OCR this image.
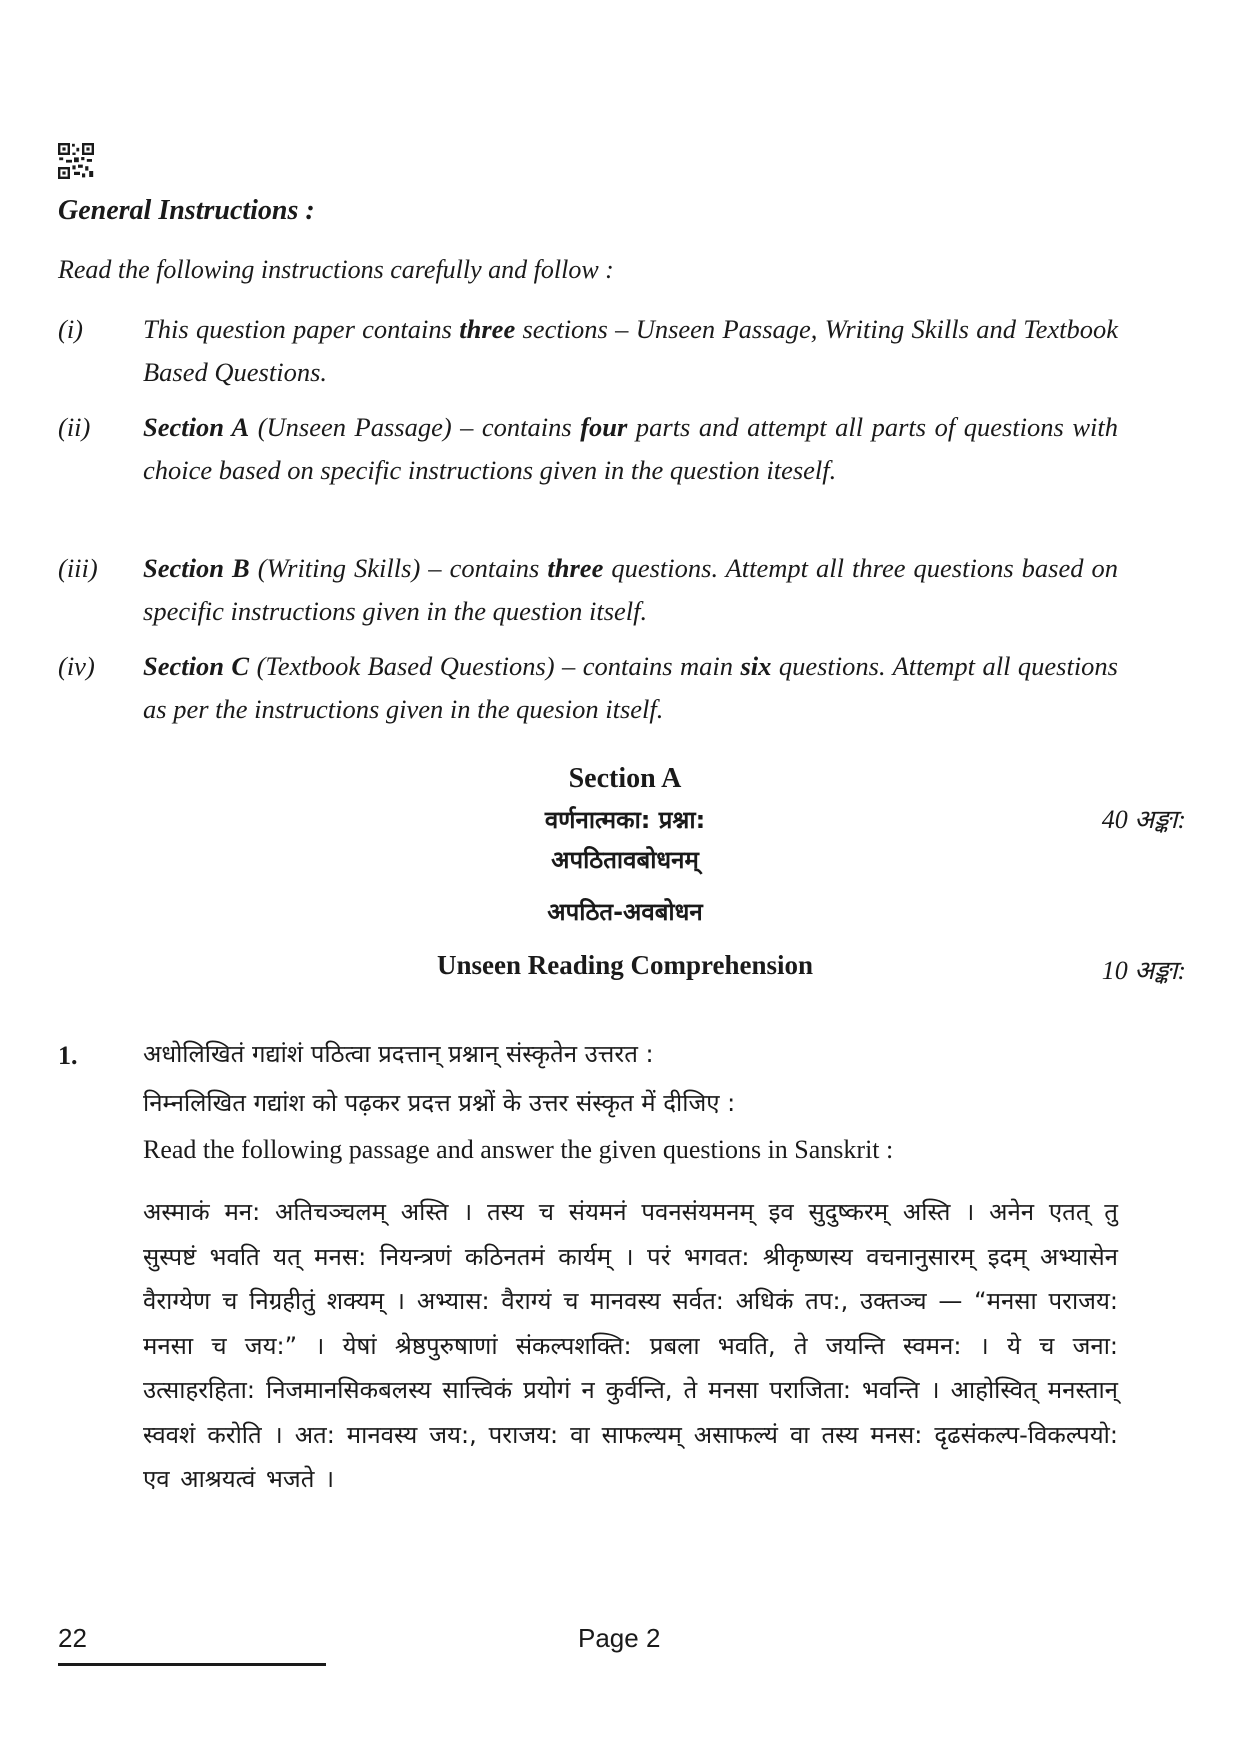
General Instructions :
Read the following instructions carefully and follow :
(i)	This question paper contains three sections – Unseen Passage, Writing Skills and Textbook Based Questions.
(ii)	Section A (Unseen Passage) – contains four parts and attempt all parts of questions with choice based on specific instructions given in the question iteself.
(iii)	Section B (Writing Skills) – contains three questions. Attempt all three questions based on specific instructions given in the question itself.
(iv)	Section C (Textbook Based Questions) – contains main six questions. Attempt all questions as per the instructions given in the quesion itself.
Section A
वर्णनात्मका: प्रश्ना:	40 अङ्का:
अपठितावबोधनम्
अपठित-अवबोधन
Unseen Reading Comprehension	10 अङ्का:
1.	अधोलिखितं गद्यांशं पठित्वा प्रदत्तान् प्रश्नान् संस्कृतेन उत्तरत :
निम्नलिखित गद्यांश को पढ़कर प्रदत्त प्रश्नों के उत्तर संस्कृत में दीजिए :
Read the following passage and answer the given questions in Sanskrit :
अस्माकं मन: अतिचञ्चलम् अस्ति । तस्य च संयमनं पवनसंयमनम् इव सुदुष्करम् अस्ति । अनेन एतत् तु सुस्पष्टं भवति यत् मनस: नियन्त्रणं कठिनतमं कार्यम् । परं भगवत: श्रीकृष्णस्य वचनानुसारम् इदम् अभ्यासेन वैराग्येण च निग्रहीतुं शक्यम् । अभ्यास: वैराग्यं च मानवस्य सर्वत: अधिकं तप:, उक्तञ्च — “मनसा पराजय: मनसा च जय:” । येषां श्रेष्ठपुरुषाणां संकल्पशक्ति: प्रबला भवति, ते जयन्ति स्वमन: । ये च जना: उत्साहरहिता: निजमानसिकबलस्य सात्त्विकं प्रयोगं न कुर्वन्ति, ते मनसा पराजिता: भवन्ति । आहोस्वित् मनस्तान् स्ववशं करोति । अत: मानवस्य जय:, पराजय: वा साफल्यम् असाफल्यं वा तस्य मनस: दृढसंकल्प-विकल्पयो: एव आश्रयत्वं भजते ।
22	Page 2
